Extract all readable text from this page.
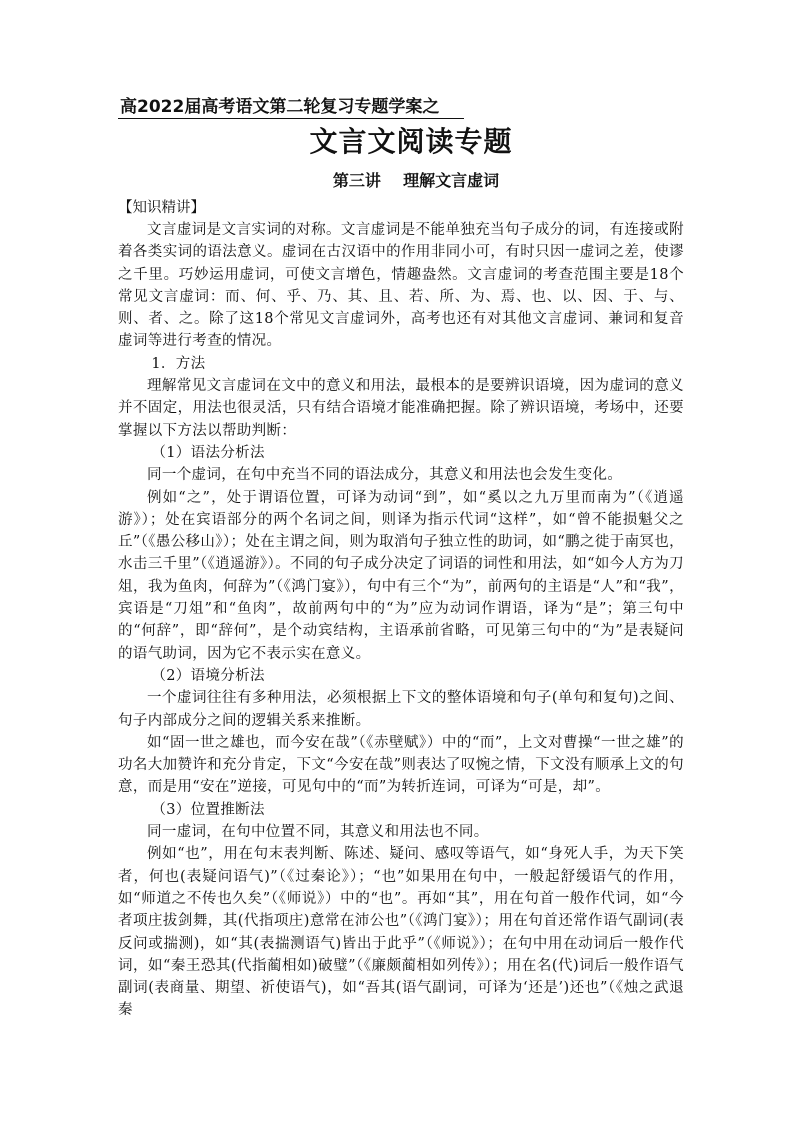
高2022届高考语文第二轮复习专题学案之
文言文阅读专题
第三讲    理解文言虚词
【知识精讲】

文言虚词是文言实词的对称。文言虚词是不能单独充当句子成分的词，有连接或附着各类实词的语法意义。虚词在古汉语中的作用非同小可，有时只因一虚词之差，使谬之千里。巧妙运用虚词，可使文言增色，情趣盎然。文言虚词的考查范围主要是18个常见文言虚词：而、何、乎、乃、其、且、若、所、为、焉、也、以、因、于、与、则、者、之。除了这18个常见文言虚词外，高考也还有对其他文言虚词、兼词和复音虚词等进行考查的情况。

1．方法

理解常见文言虚词在文中的意义和用法，最根本的是要辨识语境，因为虚词的意义并不固定，用法也很灵活，只有结合语境才能准确把握。除了辨识语境，考场中，还要掌握以下方法以帮助判断：

（1）语法分析法

同一个虚词，在句中充当不同的语法成分，其意义和用法也会发生变化。

例如“之”，处于谓语位置，可译为动词“到”，如“奚以之九万里而南为”（《逍遥游》）；处在宾语部分的两个名词之间，则译为指示代词“这样”，如“曾不能损魁父之丘”（《愚公移山》）；处在主谓之间，则为取消句子独立性的助词，如“鹏之徙于南冥也，水击三千里”（《逍遥游》）。不同的句子成分决定了词语的词性和用法，如“如今人方为刀俎，我为鱼肉，何辞为”（《鸿门宴》），句中有三个“为”，前两句的主语是“人”和“我”，宾语是“刀俎”和“鱼肉”，故前两句中的“为”应为动词作谓语，译为“是”；第三句中的“何辞”，即“辞何”，是个动宾结构，主语承前省略，可见第三句中的“为”是表疑问的语气助词，因为它不表示实在意义。

（2）语境分析法

一个虚词往往有多种用法，必须根据上下文的整体语境和句子(单句和复句)之间、句子内部成分之间的逻辑关系来推断。

如“固一世之雄也，而今安在哉”（《赤壁赋》）中的“而”，上文对曹操“一世之雄”的功名大加赞许和充分肯定，下文“今安在哉”则表达了叹惋之情，下文没有顺承上文的句意，而是用“安在”逆接，可见句中的“而”为转折连词，可译为“可是，却”。

（3）位置推断法

同一虚词，在句中位置不同，其意义和用法也不同。

例如“也”，用在句末表判断、陈述、疑问、感叹等语气，如“身死人手，为天下笑者，何也(表疑问语气)”（《过秦论》）；“也”如果用在句中，一般起舒缓语气的作用，如“师道之不传也久矣”（《师说》）中的“也”。再如“其”，用在句首一般作代词，如“今者项庄拔剑舞，其(代指项庄)意常在沛公也”（《鸿门宴》）；用在句首还常作语气副词(表反问或揣测)，如“其(表揣测语气)皆出于此乎”（《师说》）；在句中用在动词后一般作代词，如“秦王恐其(代指蔺相如)破璧”（《廉颇蔺相如列传》）；用在名(代)词后一般作语气副词(表商量、期望、祈使语气)，如“吾其(语气副词，可译为‘还是’)还也”（《烛之武退秦
